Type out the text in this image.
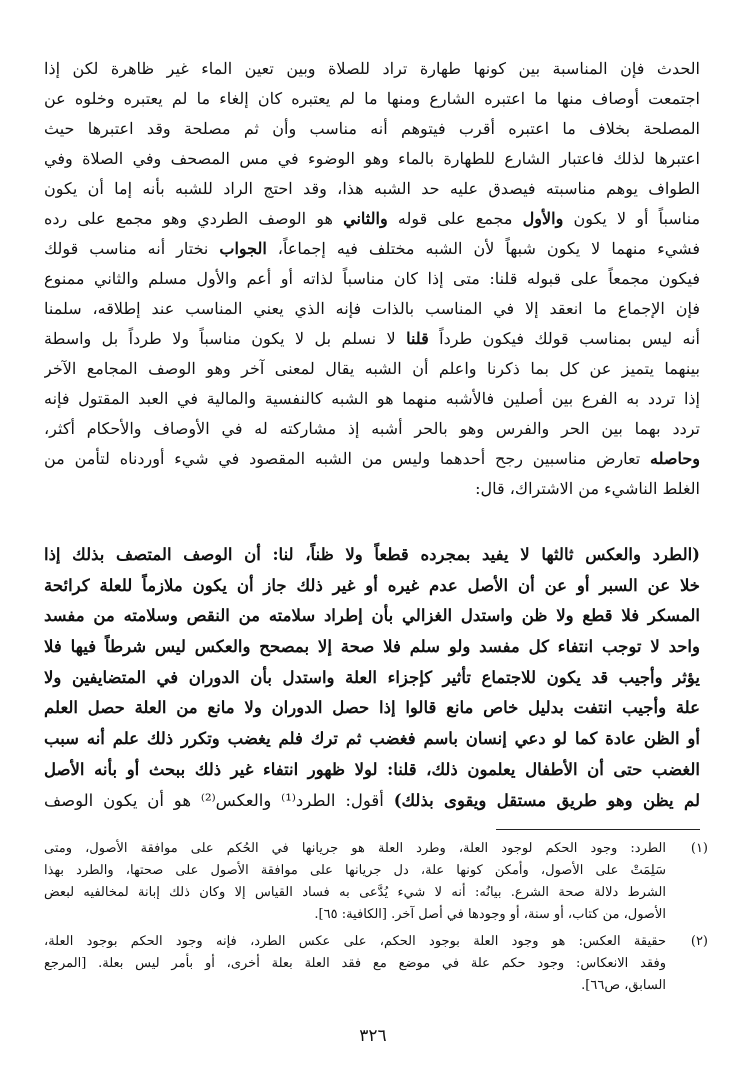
الحدث فإن المناسبة بين كونها طهارة تراد للصلاة وبين تعين الماء غير ظاهرة لكن إذا
اجتمعت أوصاف منها ما اعتبره الشارع ومنها ما لم يعتبره كان إلغاء ما لم يعتبره وخلوه عن
المصلحة بخلاف ما اعتبره أقرب فيتوهم أنه مناسب وأن ثم مصلحة وقد اعتبرها حيث
اعتبرها لذلك فاعتبار الشارع للطهارة بالماء وهو الوضوء في مس المصحف وفي الصلاة وفي
الطواف يوهم مناسبته فيصدق عليه حد الشبه هذا، وقد احتج الراد للشبه بأنه إما أن يكون
مناسباً أو لا يكون والأول مجمع على قوله والثاني هو الوصف الطردي وهو مجمع على رده
فشيء منهما لا يكون شبهاً لأن الشبه مختلف فيه إجماعاً، الجواب نختار أنه مناسب قولك
فيكون مجمعاً على قبوله قلنا: متى إذا كان مناسباً لذاته أو أعم والأول مسلم والثاني ممنوع
فإن الإجماع ما انعقد إلا في المناسب بالذات فإنه الذي يعني المناسب عند إطلاقه، سلمنا
أنه ليس بمناسب قولك فيكون طرداً قلنا لا نسلم بل لا يكون مناسباً ولا طرداً بل واسطة
بينهما يتميز عن كل بما ذكرنا واعلم أن الشبه يقال لمعنى آخر وهو الوصف المجامع الآخر
إذا تردد به الفرع بين أصلين فالأشبه منهما هو الشبه كالنفسية والمالية في العبد المقتول فإنه
تردد بهما بين الحر والفرس وهو بالحر أشبه إذ مشاركته له في الأوصاف والأحكام أكثر،
وحاصله تعارض مناسبين رجح أحدهما وليس من الشبه المقصود في شيء أوردناه لتأمن من
الغلط الناشيء من الاشتراك، قال:
(الطرد والعكس ثالثها لا يفيد بمجرده قطعاً ولا ظناً، لنا: أن الوصف المتصف بذلك إذا
خلا عن السبر أو عن أن الأصل عدم غيره أو غير ذلك جاز أن يكون ملازماً للعلة كرائحة
المسكر فلا قطع ولا ظن واستدل الغزالي بأن إطراد سلامته من النقص وسلامته من مفسد
واحد لا توجب انتفاء كل مفسد ولو سلم فلا صحة إلا بمصحح والعكس ليس شرطاً فيها فلا
يؤثر وأجيب قد يكون للاجتماع تأثير كإجزاء العلة واستدل بأن الدوران في المتضايفين ولا
علة وأجيب انتفت بدليل خاص مانع قالوا إذا حصل الدوران ولا مانع من العلة حصل العلم
أو الظن عادة كما لو دعي إنسان باسم فغضب ثم ترك فلم يغضب وتكرر ذلك علم أنه سبب
الغضب حتى أن الأطفال يعلمون ذلك، قلنا: لولا ظهور انتفاء غير ذلك ببحث أو بأنه الأصل
لم يظن وهو طريق مستقل ويقوى بذلك) أقول: الطرد⁽¹⁾ والعكس⁽²⁾ هو أن يكون الوصف
(١)
الطرد: وجود الحكم لوجود العلة، وطرد العلة هو جريانها في الحُكم على موافقة الأصول، ومتى
سَلِمَتْ على الأصول، وأمكن كونها علة، دل جريانها على موافقة الأصول على صحتها، والطرد بهذا
الشرط دلالة صحة الشرع. بيانُه: أنه لا شيء يُدَّعى به فساد القياس إلا وكان ذلك إبانة لمخالفيه لبعض
الأصول، من كتاب، أو سنة، أو وجودها في أصل آخر. [الكافية: ٦٥].
(٢)
حقيقة العكس: هو وجود العلة بوجود الحكم، على عكس الطرد، فإنه وجود الحكم بوجود العلة،
وفقد الانعكاس: وجود حكم علة في موضع مع فقد العلة بعلة أخرى، أو بأمر ليس بعلة. [المرجع
السابق، ص٦٦].
٣٢٦
